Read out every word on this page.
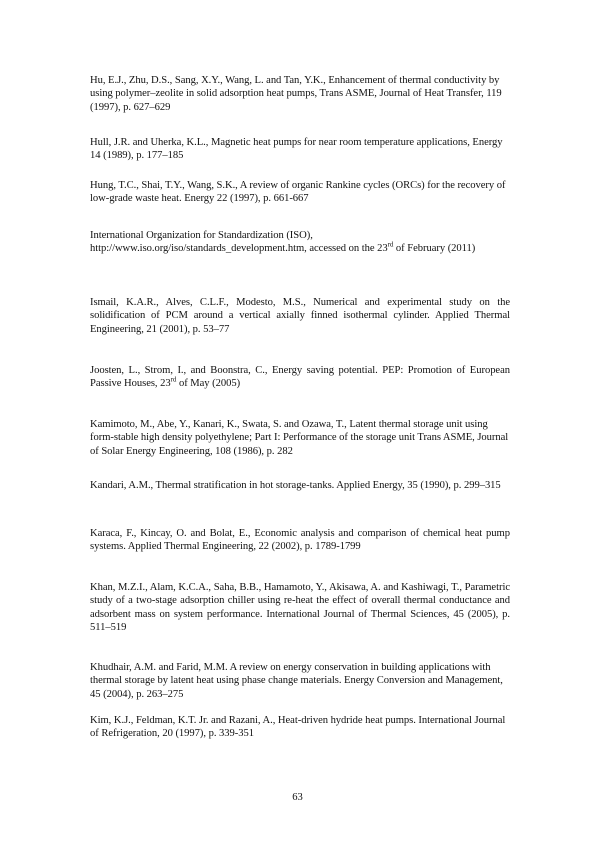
Hu, E.J., Zhu, D.S., Sang, X.Y., Wang, L. and Tan, Y.K., Enhancement of thermal conductivity by using polymer–zeolite in solid adsorption heat pumps, Trans ASME, Journal of Heat Transfer, 119 (1997), p. 627–629

Hull, J.R. and Uherka, K.L., Magnetic heat pumps for near room temperature applications, Energy 14 (1989), p. 177–185

Hung, T.C., Shai, T.Y., Wang, S.K., A review of organic Rankine cycles (ORCs) for the recovery of low-grade waste heat. Energy 22 (1997), p. 661-667

International Organization for Standardization (ISO), http://www.iso.org/iso/standards_development.htm, accessed on the 23rd of February (2011)

Ismail, K.A.R., Alves, C.L.F., Modesto, M.S., Numerical and experimental study on the solidification of PCM around a vertical axially finned isothermal cylinder. Applied Thermal Engineering, 21 (2001), p. 53–77

Joosten, L., Strom, I., and Boonstra, C., Energy saving potential. PEP: Promotion of European Passive Houses, 23rd of May (2005)

Kamimoto, M., Abe, Y., Kanari, K., Swata, S. and Ozawa, T., Latent thermal storage unit using form-stable high density polyethylene; Part I: Performance of the storage unit Trans ASME, Journal of Solar Energy Engineering, 108 (1986), p. 282

Kandari, A.M., Thermal stratification in hot storage-tanks. Applied Energy, 35 (1990), p. 299–315

Karaca, F., Kincay, O. and Bolat, E., Economic analysis and comparison of chemical heat pump systems. Applied Thermal Engineering, 22 (2002), p. 1789-1799

Khan, M.Z.I., Alam, K.C.A., Saha, B.B., Hamamoto, Y., Akisawa, A. and Kashiwagi, T., Parametric study of a two-stage adsorption chiller using re-heat the effect of overall thermal conductance and adsorbent mass on system performance. International Journal of Thermal Sciences, 45 (2005), p. 511–519

Khudhair, A.M. and Farid, M.M. A review on energy conservation in building applications with thermal storage by latent heat using phase change materials. Energy Conversion and Management, 45 (2004), p. 263–275

Kim, K.J., Feldman, K.T. Jr. and Razani, A., Heat-driven hydride heat pumps. International Journal of Refrigeration, 20 (1997), p. 339-351

63
